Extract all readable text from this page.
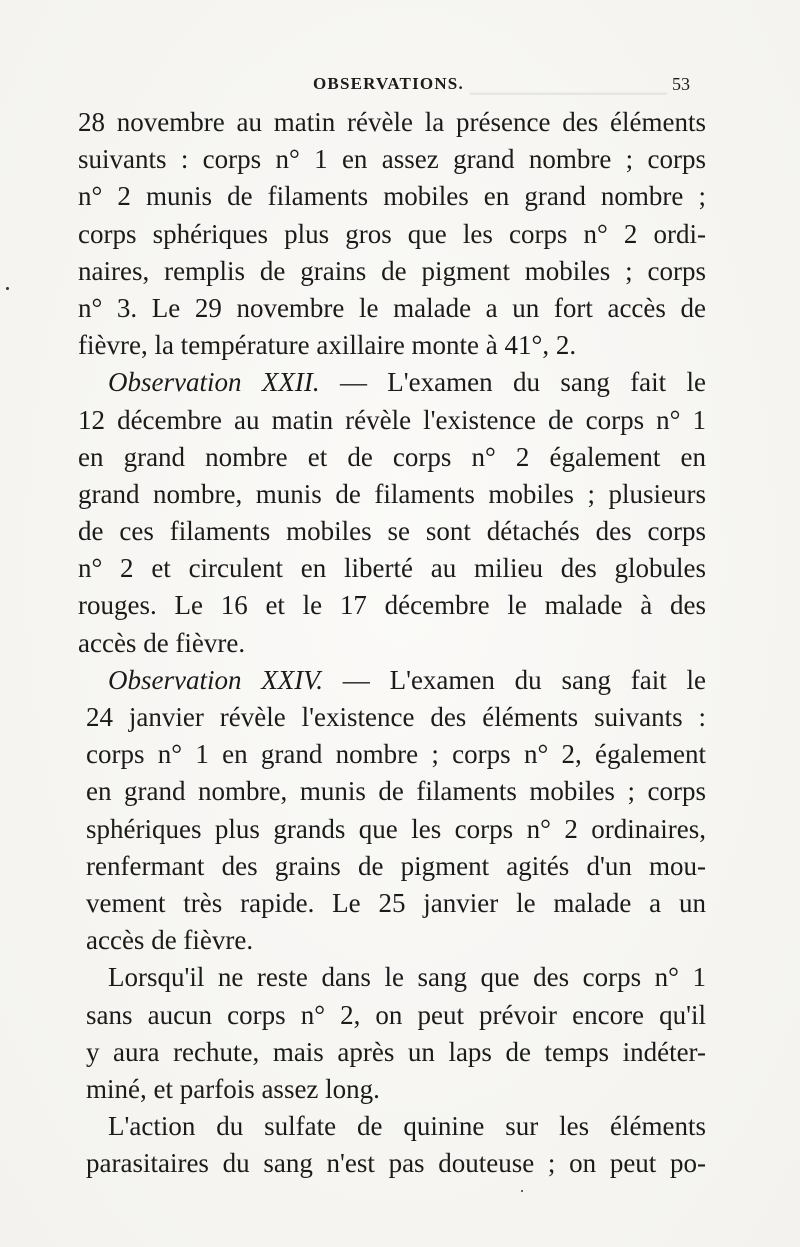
OBSERVATIONS.	53
▁▁▁▁▁▁▁▁▁▁▁▁▁▁▁▁
28 novembre au matin révèle la présence des éléments
suivants : corps n° 1 en assez grand nombre ; corps
n° 2 munis de filaments mobiles en grand nombre ;
corps sphériques plus gros que les corps n° 2 ordi-
naires, remplis de grains de pigment mobiles ; corps
n° 3. Le 29 novembre le malade a un fort accès de
fièvre, la température axillaire monte à 41°, 2.
Observation XXII. — L'examen du sang fait le
12 décembre au matin révèle l'existence de corps n° 1
en grand nombre et de corps n° 2 également en
grand nombre, munis de filaments mobiles ; plusieurs
de ces filaments mobiles se sont détachés des corps
n° 2 et circulent en liberté au milieu des globules
rouges. Le 16 et le 17 décembre le malade à des
accès de fièvre.
Observation XXIV. — L'examen du sang fait le
24 janvier révèle l'existence des éléments suivants :
corps n° 1 en grand nombre ; corps n° 2, également
en grand nombre, munis de filaments mobiles ; corps
sphériques plus grands que les corps n° 2 ordinaires,
renfermant des grains de pigment agités d'un mou-
vement très rapide. Le 25 janvier le malade a un
accès de fièvre.
Lorsqu'il ne reste dans le sang que des corps n° 1
sans aucun corps n° 2, on peut prévoir encore qu'il
y aura rechute, mais après un laps de temps indéter-
miné, et parfois assez long.
L'action du sulfate de quinine sur les éléments
parasitaires du sang n'est pas douteuse ; on peut po-
